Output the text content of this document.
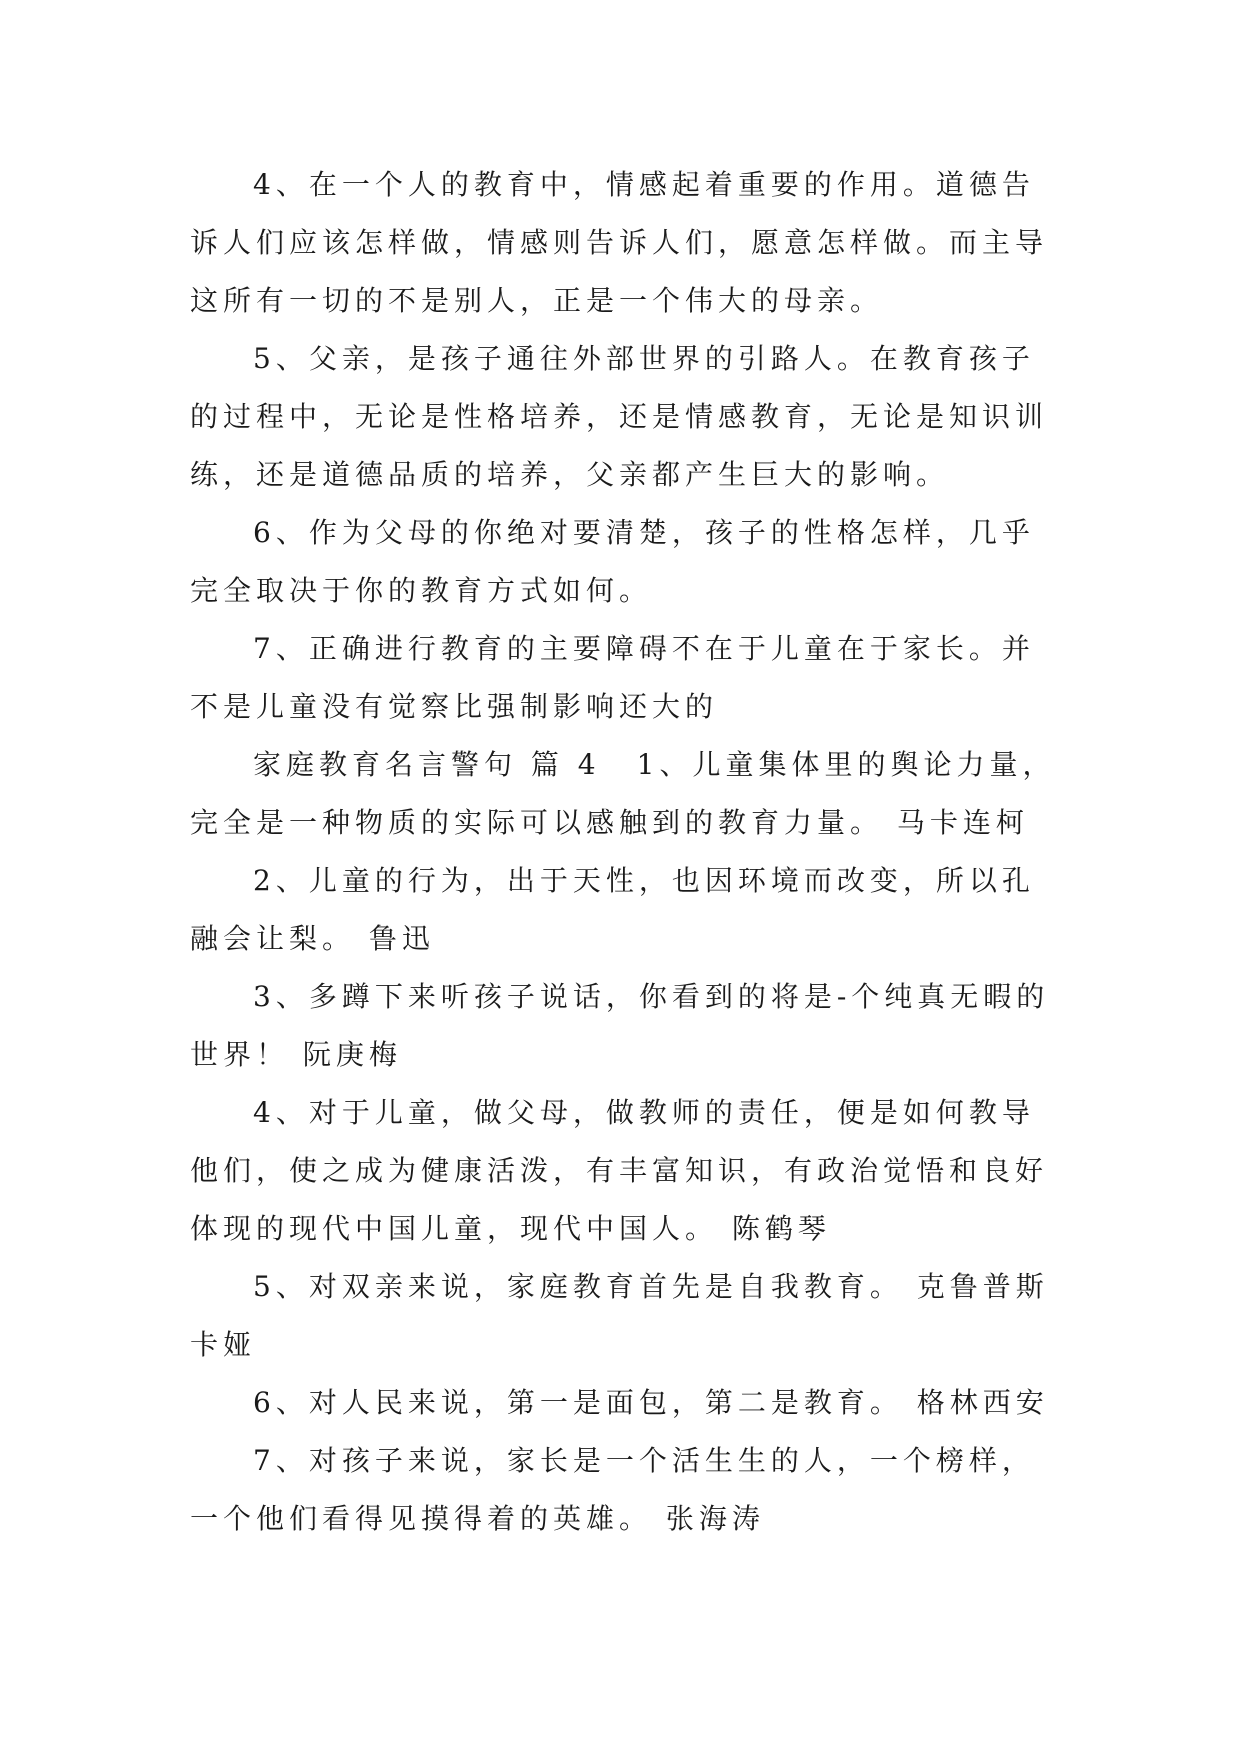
4、在一个人的教育中，情感起着重要的作用。道德告
诉人们应该怎样做，情感则告诉人们，愿意怎样做。而主导
这所有一切的不是别人，正是一个伟大的母亲。
5、父亲，是孩子通往外部世界的引路人。在教育孩子
的过程中，无论是性格培养，还是情感教育，无论是知识训
练，还是道德品质的培养，父亲都产生巨大的影响。
6、作为父母的你绝对要清楚，孩子的性格怎样，几乎
完全取决于你的教育方式如何。
7、正确进行教育的主要障碍不在于儿童在于家长。并
不是儿童没有觉察比强制影响还大的
家庭教育名言警句 篇 4 1、儿童集体里的舆论力量，
完全是一种物质的实际可以感触到的教育力量。 马卡连柯
2、儿童的行为，出于天性，也因环境而改变，所以孔
融会让梨。 鲁迅
3、多蹲下来听孩子说话，你看到的将是-个纯真无暇的
世界！ 阮庚梅
4、对于儿童，做父母，做教师的责任，便是如何教导
他们，使之成为健康活泼，有丰富知识，有政治觉悟和良好
体现的现代中国儿童，现代中国人。 陈鹤琴
5、对双亲来说，家庭教育首先是自我教育。 克鲁普斯
卡娅
6、对人民来说，第一是面包，第二是教育。 格林西安
7、对孩子来说，家长是一个活生生的人，一个榜样，
一个他们看得见摸得着的英雄。 张海涛
